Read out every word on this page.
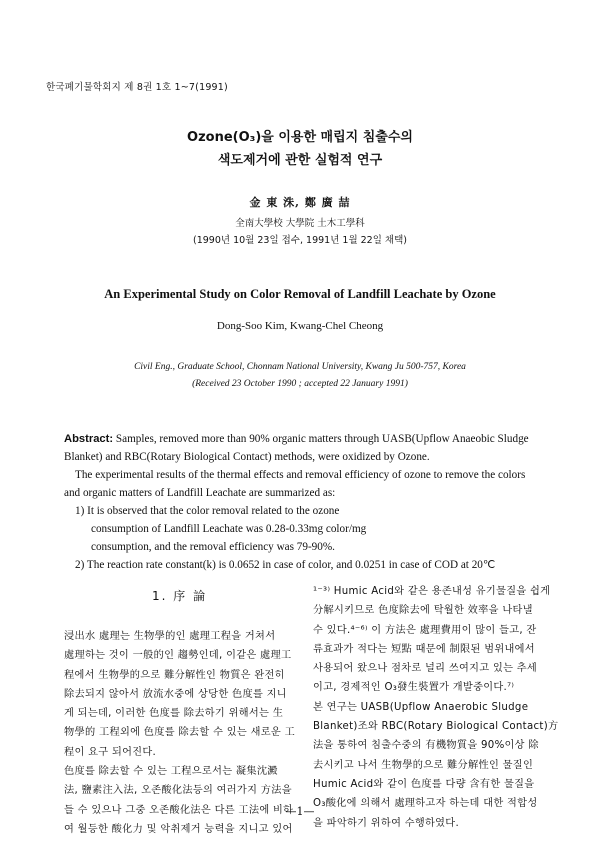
한국폐기물학회지 제 8권 1호 1~7(1991)
Ozone(O₃)을 이용한 매립지 침출수의
색도제거에 관한 실험적 연구
金 東 洙, 鄭 廣 喆
全南大學校 大學院 土木工學科
(1990년 10월 23일 접수, 1991년 1월 22일 채택)
An Experimental Study on Color Removal of Landfill Leachate by Ozone
Dong-Soo Kim, Kwang-Chel Cheong
Civil Eng., Graduate School, Chonnam National University, Kwang Ju 500-757, Korea
(Received 23 October 1990 ; accepted 22 January 1991)

Abstract: Samples, removed more than 90% organic matters through UASB(Upflow Anaeobic Sludge

Blanket) and RBC(Rotary Biological Contact) methods, were oxidized by Ozone.

The experimental results of the thermal effects and removal efficiency of ozone to remove the colors

and organic matters of Landfill Leachate are summarized as:

1) It is observed that the color removal related to the ozone

consumption of Landfill Leachate was 0.28-0.33mg color/mg

consumption, and the removal efficiency was 79-90%.

2) The reaction rate constant(k) is 0.0652 in case of color, and 0.0251 in case of COD at 20℃

1. 序 論

浸出水 處理는 生物學的인 處理工程을 거쳐서

處理하는 것이 一般的인 趨勢인데, 이같은 處理工

程에서 生物學的으로 難分解性인 物質은 완전히

除去되지 않아서 放流水중에 상당한 色度를 지니

게 되는데, 이러한 色度를 除去하기 위해서는 生

物學的 工程외에 色度를 除去할 수 있는 새로운 工

程이 요구 되어진다.

色度를 除去할 수 있는 工程으로서는 凝集沈澱

法, 鹽素注入法, 오존酸化法등의 여러가지 方法을

들 수 있으나 그중 오존酸化法은 다른 工法에 비하

여 월등한 酸化力 및 악취제거 능력을 지니고 있어

¹⁻³⁾ Humic Acid와 같은 용존내성 유기물질을 쉽게

分解시키므로 色度除去에 탁월한 效率을 나타낼

수 있다.⁴⁻⁶⁾ 이 方法은 處理費用이 많이 들고, 잔

류효과가 적다는 短點 때문에 制限된 범위내에서

사용되어 왔으나 점차로 널리 쓰여지고 있는 추세

이고, 경제적인 O₃發生裝置가 개발중이다.⁷⁾

본 연구는 UASB(Upflow Anaerobic Sludge

Blanket)조와 RBC(Rotary Biological Contact)方

法을 통하여 침출수중의 有機物質을 90%이상 除

去시키고 나서 生物學的으로 難分解性인 물질인

Humic Acid와 같이 色度를 다량 含有한 물질을

O₃酸化에 의해서 處理하고자 하는데 대한 적합성

을 파악하기 위하여 수행하였다.

—1—
